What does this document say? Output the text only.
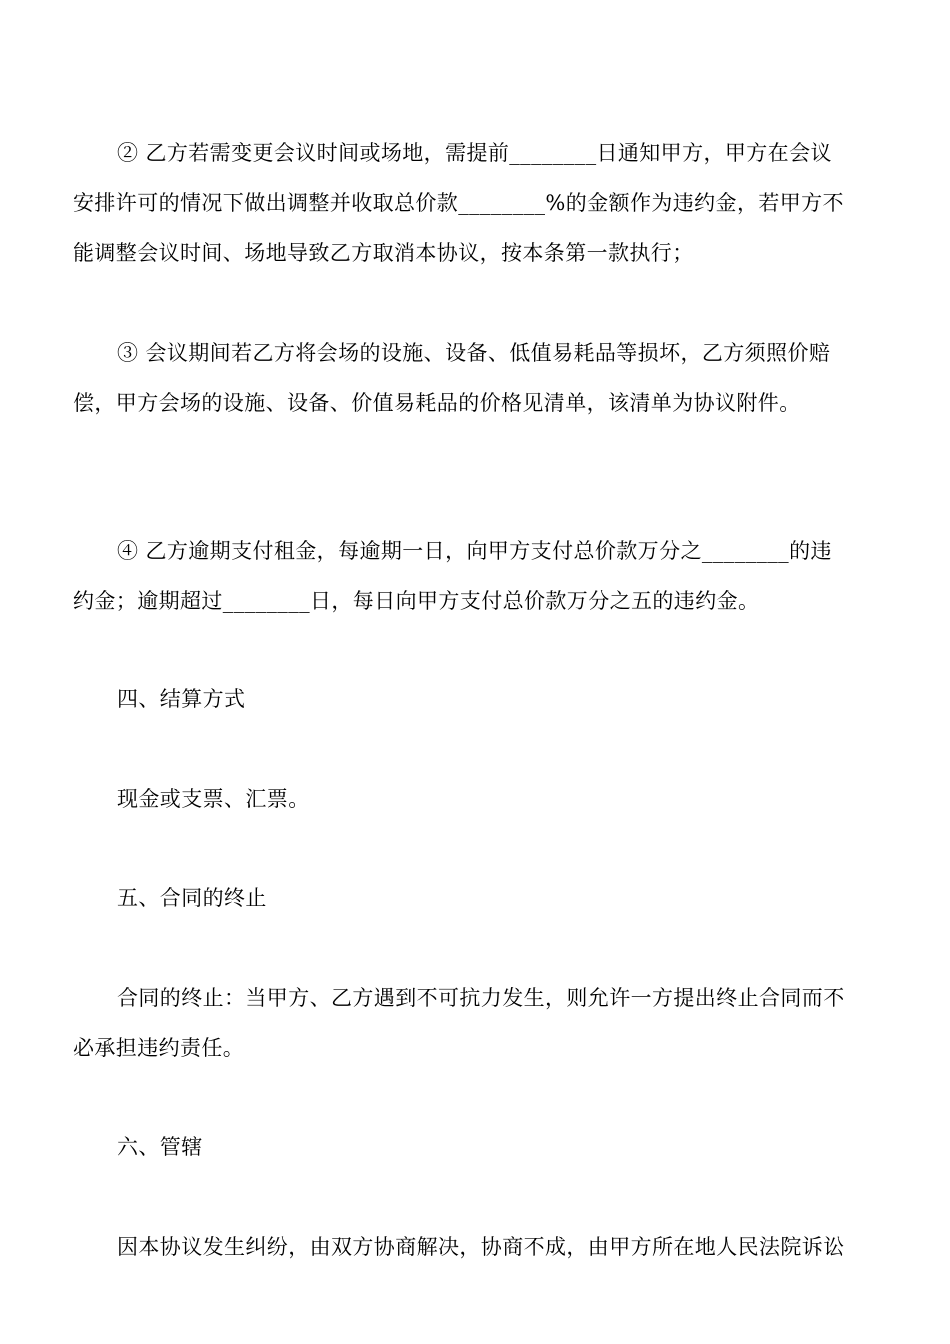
② 乙方若需变更会议时间或场地，需提前________日通知甲方，甲方在会议
安排许可的情况下做出调整并收取总价款________%的金额作为违约金，若甲方不
能调整会议时间、场地导致乙方取消本协议，按本条第一款执行；

③ 会议期间若乙方将会场的设施、设备、低值易耗品等损坏，乙方须照价赔
偿，甲方会场的设施、设备、价值易耗品的价格见清单，该清单为协议附件。

④ 乙方逾期支付租金，每逾期一日，向甲方支付总价款万分之________的违
约金；逾期超过________日，每日向甲方支付总价款万分之五的违约金。

四、结算方式

现金或支票、汇票。

五、合同的终止

合同的终止：当甲方、乙方遇到不可抗力发生，则允许一方提出终止合同而不
必承担违约责任。

六、管辖

因本协议发生纠纷，由双方协商解决，协商不成，由甲方所在地人民法院诉讼
